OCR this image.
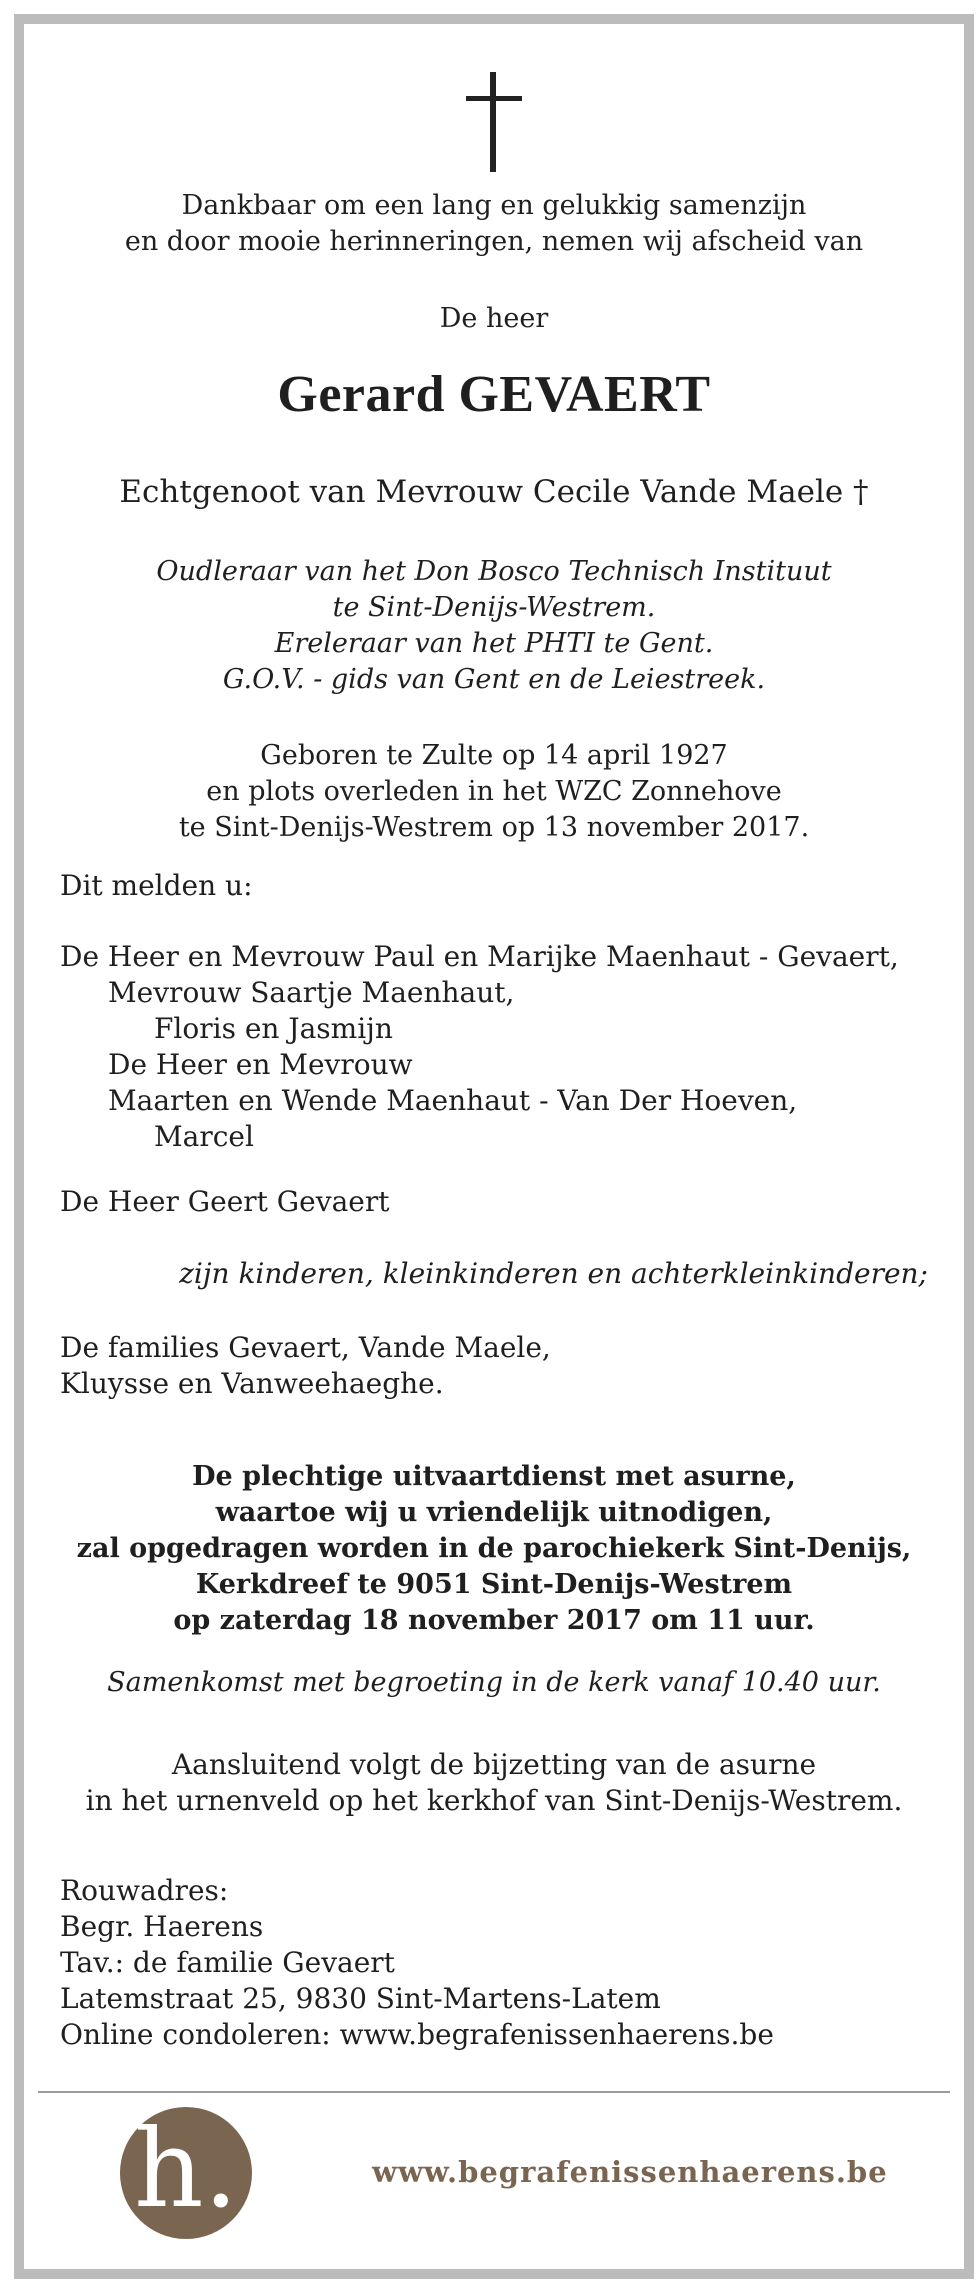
Dankbaar om een lang en gelukkig samenzijn
en door mooie herinneringen, nemen wij afscheid van
De heer
Gerard GEVAERT
Echtgenoot van Mevrouw Cecile Vande Maele †
Oudleraar van het Don Bosco Technisch Instituut
te Sint-Denijs-Westrem.
Ereleraar van het PHTI te Gent.
G.O.V. - gids van Gent en de Leiestreek.
Geboren te Zulte op 14 april 1927
en plots overleden in het WZC Zonnehove
te Sint-Denijs-Westrem op 13 november 2017.
Dit melden u:
De Heer en Mevrouw Paul en Marijke Maenhaut - Gevaert,
Mevrouw Saartje Maenhaut,
Floris en Jasmijn
De Heer en Mevrouw
Maarten en Wende Maenhaut - Van Der Hoeven,
Marcel
De Heer Geert Gevaert
zijn kinderen, kleinkinderen en achterkleinkinderen;
De families Gevaert, Vande Maele,
Kluysse en Vanweehaeghe.
De plechtige uitvaartdienst met asurne,
waartoe wij u vriendelijk uitnodigen,
zal opgedragen worden in de parochiekerk Sint-Denijs,
Kerkdreef te 9051 Sint-Denijs-Westrem
op zaterdag 18 november 2017 om 11 uur.
Samenkomst met begroeting in de kerk vanaf 10.40 uur.
Aansluitend volgt de bijzetting van de asurne
in het urnenveld op het kerkhof van Sint-Denijs-Westrem.
Rouwadres:
Begr. Haerens
Tav.: de familie Gevaert
Latemstraat 25, 9830 Sint-Martens-Latem
Online condoleren: www.begrafenissenhaerens.be
h.	www.begrafenissenhaerens.be
